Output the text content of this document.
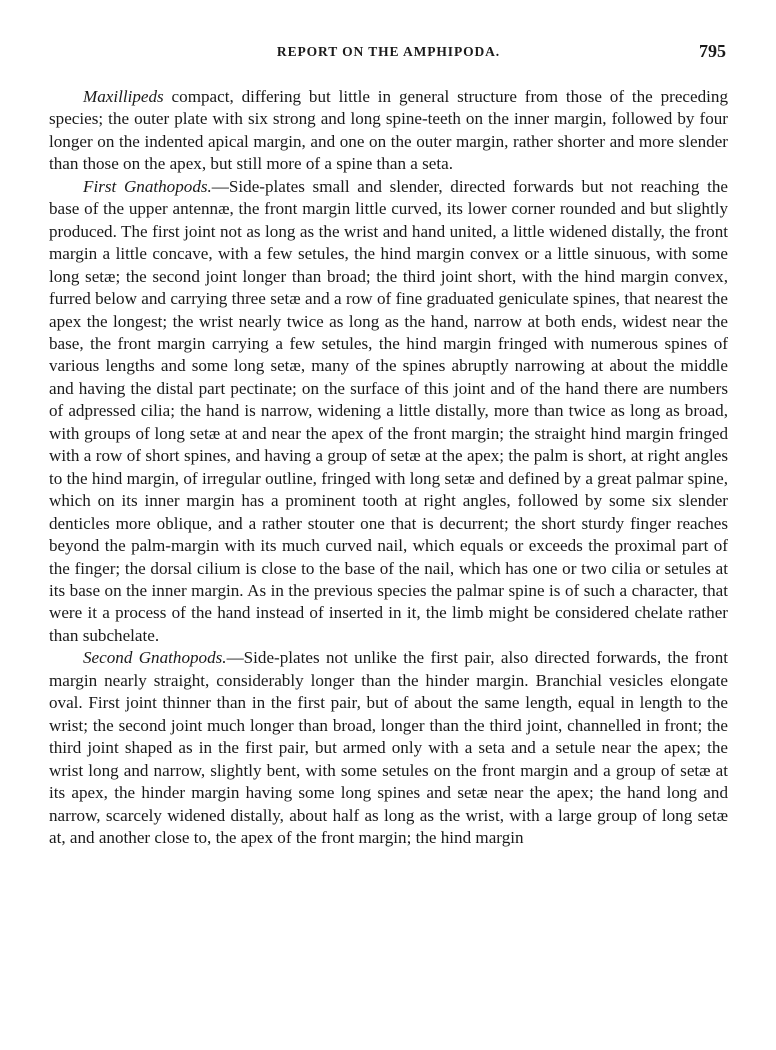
REPORT ON THE AMPHIPODA.	795

Maxillipeds compact, differing but little in general structure from those of the preceding species; the outer plate with six strong and long spine-teeth on the inner margin, followed by four longer on the indented apical margin, and one on the outer margin, rather shorter and more slender than those on the apex, but still more of a spine than a seta.

First Gnathopods.—Side-plates small and slender, directed forwards but not reaching the base of the upper antennæ, the front margin little curved, its lower corner rounded and but slightly produced. The first joint not as long as the wrist and hand united, a little widened distally, the front margin a little concave, with a few setules, the hind margin convex or a little sinuous, with some long setæ; the second joint longer than broad; the third joint short, with the hind margin convex, furred below and carrying three setæ and a row of fine graduated geniculate spines, that nearest the apex the longest; the wrist nearly twice as long as the hand, narrow at both ends, widest near the base, the front margin carrying a few setules, the hind margin fringed with numerous spines of various lengths and some long setæ, many of the spines abruptly narrowing at about the middle and having the distal part pectinate; on the surface of this joint and of the hand there are numbers of adpressed cilia; the hand is narrow, widening a little distally, more than twice as long as broad, with groups of long setæ at and near the apex of the front margin; the straight hind margin fringed with a row of short spines, and having a group of setæ at the apex; the palm is short, at right angles to the hind margin, of irregular outline, fringed with long setæ and defined by a great palmar spine, which on its inner margin has a prominent tooth at right angles, followed by some six slender denticles more oblique, and a rather stouter one that is decurrent; the short sturdy finger reaches beyond the palm-margin with its much curved nail, which equals or exceeds the proximal part of the finger; the dorsal cilium is close to the base of the nail, which has one or two cilia or setules at its base on the inner margin. As in the previous species the palmar spine is of such a character, that were it a process of the hand instead of inserted in it, the limb might be considered chelate rather than subchelate.

Second Gnathopods.—Side-plates not unlike the first pair, also directed forwards, the front margin nearly straight, considerably longer than the hinder margin. Branchial vesicles elongate oval. First joint thinner than in the first pair, but of about the same length, equal in length to the wrist; the second joint much longer than broad, longer than the third joint, channelled in front; the third joint shaped as in the first pair, but armed only with a seta and a setule near the apex; the wrist long and narrow, slightly bent, with some setules on the front margin and a group of setæ at its apex, the hinder margin having some long spines and setæ near the apex; the hand long and narrow, scarcely widened distally, about half as long as the wrist, with a large group of long setæ at, and another close to, the apex of the front margin; the hind margin
